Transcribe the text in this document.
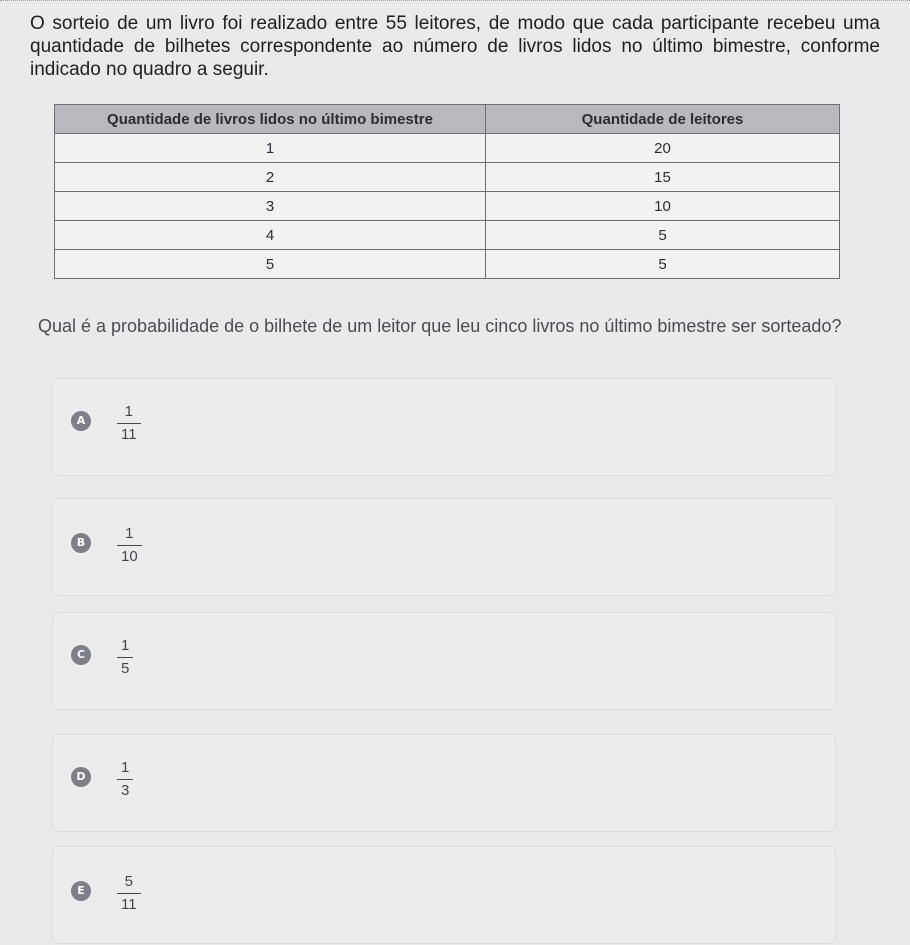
O sorteio de um livro foi realizado entre 55 leitores, de modo que cada participante recebeu uma quantidade de bilhetes correspondente ao número de livros lidos no último bimestre, conforme indicado no quadro a seguir.
Quantidade de livros lidos no último bimestre	Quantidade de leitores
1	20
2	15
3	10
4	5
5	5
Qual é a probabilidade de o bilhete de um leitor que leu cinco livros no último bimestre ser sorteado?
A	$\frac{1}{11}$
B	$\frac{1}{10}$
C	$\frac{1}{5}$
D	$\frac{1}{3}$
E	$\frac{5}{11}$
